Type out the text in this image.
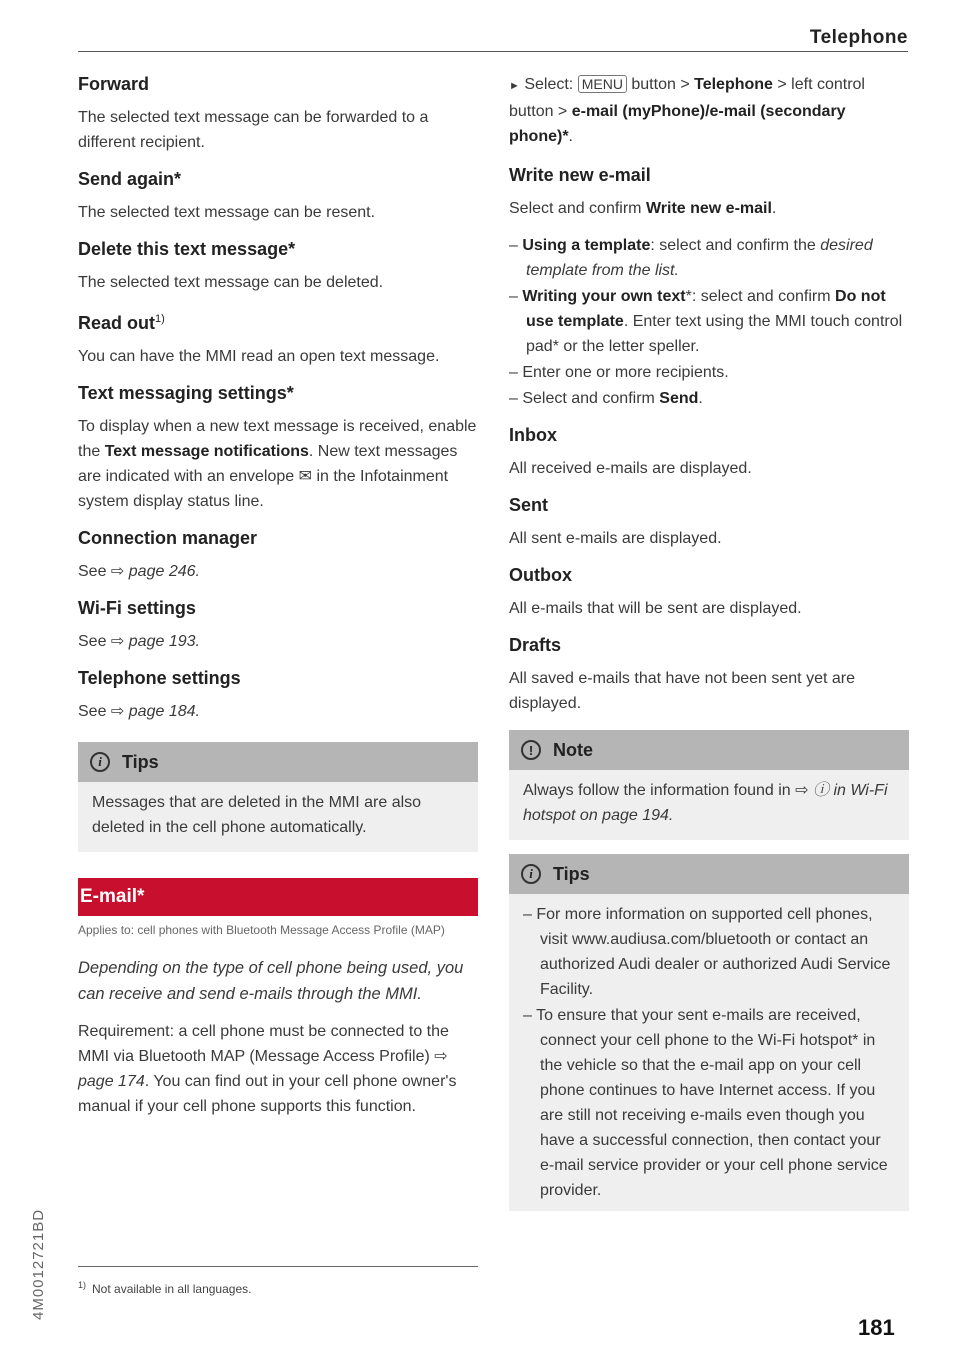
Telephone
4M0012721BD
Forward

The selected text message can be forwarded to a different recipient.

Send again*

The selected text message can be resent.

Delete this text message*

The selected text message can be deleted.

Read out$^{1)}$

You can have the MMI read an open text message.

Text messaging settings*

To display when a new text message is received, enable the Text message notifications. New text messages are indicated with an envelope ✉ in the Infotainment system display status line.

Connection manager

See ⇨ page 246.

Wi-Fi settings

See ⇨ page 193.

Telephone settings

See ⇨ page 184.

i	Tips

Messages that are deleted in the MMI are also deleted in the cell phone automatically.

E-mail*
Applies to: cell phones with Bluetooth Message Access Profile (MAP)

Depending on the type of cell phone being used, you can receive and send e-mails through the MMI.

Requirement: a cell phone must be connected to the MMI via Bluetooth MAP (Message Access Profile) ⇨ page 174. You can find out in your cell phone owner's manual if your cell phone supports this function.

$^{1)}$ Not available in all languages.

► Select: MENU button > Telephone > left control button > e-mail (myPhone)/e-mail (secondary phone)*.

Write new e-mail

Select and confirm Write new e-mail.

– Using a template: select and confirm the desired template from the list.
– Writing your own text*: select and confirm Do not use template. Enter text using the MMI touch control pad* or the letter speller.
– Enter one or more recipients.
– Select and confirm Send.
Inbox

All received e-mails are displayed.

Sent

All sent e-mails are displayed.

Outbox

All e-mails that will be sent are displayed.

Drafts

All saved e-mails that have not been sent yet are displayed.

!	Note

Always follow the information found in ⇨ ⓘ in Wi-Fi hotspot on page 194.

i	Tips
– For more information on supported cell phones, visit www.audiusa.com/bluetooth or contact an authorized Audi dealer or authorized Audi Service Facility.
– To ensure that your sent e-mails are received, connect your cell phone to the Wi-Fi hotspot* in the vehicle so that the e-mail app on your cell phone continues to have Internet access. If you are still not receiving e-mails even though you have a successful connection, then contact your e-mail service provider or your cell phone service provider.
181
